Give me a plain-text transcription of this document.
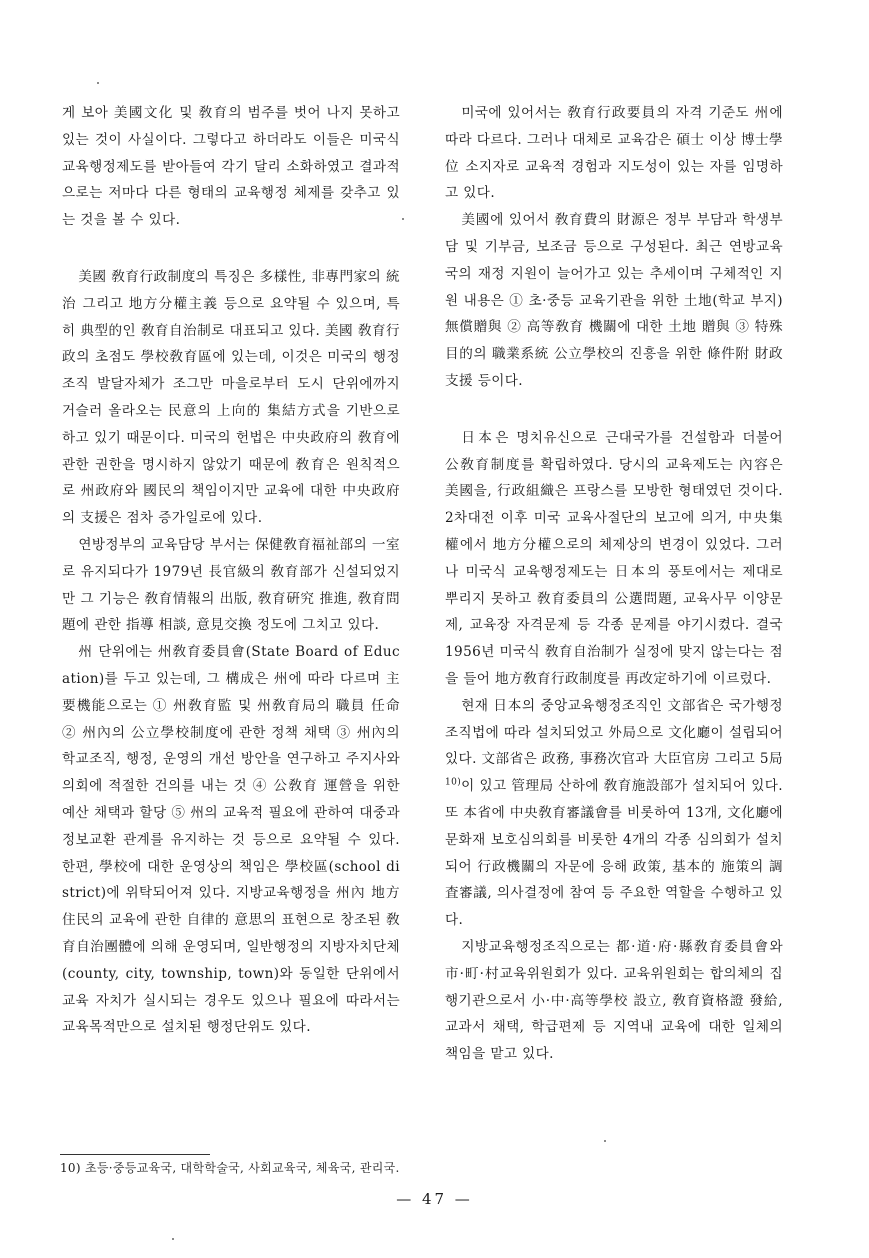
게 보아 美國文化 및 敎育의 범주를 벗어 나지 못하고 있는 것이 사실이다. 그렇다고 하더라도 이들은 미국식 교육행정제도를 받아들여 각기 달리 소화하였고 결과적으로는 저마다 다른 형태의 교육행정 체제를 갖추고 있는 것을 볼 수 있다.

美國 敎育行政制度의 특징은 多樣性, 非專門家의 統治 그리고 地方分權主義 등으로 요약될 수 있으며, 특히 典型的인 敎育自治制로 대표되고 있다. 美國 敎育行政의 초점도 學校敎育區에 있는데, 이것은 미국의 행정조직 발달자체가 조그만 마을로부터 도시 단위에까지 거슬러 올라오는 民意의 上向的 集結方式을 기반으로 하고 있기 때문이다. 미국의 헌법은 中央政府의 敎育에 관한 권한을 명시하지 않았기 때문에 敎育은 원칙적으로 州政府와 國民의 책임이지만 교육에 대한 中央政府의 支援은 점차 증가일로에 있다.

연방정부의 교육담당 부서는 保健敎育福祉部의 一室로 유지되다가 1979년 長官級의 敎育部가 신설되었지만 그 기능은 敎育情報의 出版, 敎育硏究 推進, 敎育問題에 관한 指導 相談, 意見交換 정도에 그치고 있다.

州 단위에는 州敎育委員會(State Board of Education)를 두고 있는데, 그 構成은 州에 따라 다르며 主要機能으로는 ① 州敎育監 및 州敎育局의 職員 任命 ② 州內의 公立學校制度에 관한 정책 채택 ③ 州內의 학교조직, 행정, 운영의 개선 방안을 연구하고 주지사와 의회에 적절한 건의를 내는 것 ④ 公敎育 運營을 위한 예산 채택과 할당 ⑤ 州의 교육적 필요에 관하여 대중과 정보교환 관계를 유지하는 것 등으로 요약될 수 있다. 한편, 學校에 대한 운영상의 책임은 學校區(school district)에 위탁되어져 있다. 지방교육행정을 州內 地方住民의 교육에 관한 自律的 意思의 표현으로 창조된 敎育自治團體에 의해 운영되며, 일반행정의 지방자치단체 (county, city, township, town)와 동일한 단위에서 교육 자치가 실시되는 경우도 있으나 필요에 따라서는 교육목적만으로 설치된 행정단위도 있다.

미국에 있어서는 敎育行政要員의 자격 기준도 州에 따라 다르다. 그러나 대체로 교육감은 碩士 이상 博士學位 소지자로 교육적 경험과 지도성이 있는 자를 임명하고 있다.

美國에 있어서 敎育費의 財源은 정부 부담과 학생부담 및 기부금, 보조금 등으로 구성된다. 최근 연방교육국의 재정 지원이 늘어가고 있는 추세이며 구체적인 지원 내용은 ① 초·중등 교육기관을 위한 土地(학교 부지) 無償贈與 ② 高等敎育 機關에 대한 土地 贈與 ③ 特殊目的의 職業系統 公立學校의 진흥을 위한 條件附 財政支援 등이다.

日本은 명치유신으로 근대국가를 건설함과 더불어 公敎育制度를 확립하였다. 당시의 교육제도는 內容은 美國을, 行政組織은 프랑스를 모방한 형태였던 것이다. 2차대전 이후 미국 교육사절단의 보고에 의거, 中央集權에서 地方分權으로의 체제상의 변경이 있었다. 그러나 미국식 교육행정제도는 日本의 풍토에서는 제대로 뿌리지 못하고 敎育委員의 公選問題, 교육사무 이양문제, 교육장 자격문제 등 각종 문제를 야기시켰다. 결국 1956년 미국식 敎育自治制가 실정에 맞지 않는다는 점을 들어 地方敎育行政制度를 再改定하기에 이르렀다.

현재 日本의 중앙교육행정조직인 文部省은 국가행정조직법에 따라 설치되었고 外局으로 文化廳이 설립되어 있다. 文部省은 政務, 事務次官과 大臣官房 그리고 5局$^{10)}$이 있고 管理局 산하에 敎育施設部가 설치되어 있다. 또 本省에 中央敎育審議會를 비롯하여 13개, 文化廳에 문화재 보호심의회를 비롯한 4개의 각종 심의회가 설치되어 行政機關의 자문에 응해 政策, 基本的 施策의 調査審議, 의사결정에 참여 등 주요한 역할을 수행하고 있다.

지방교육행정조직으로는 都·道·府·縣敎育委員會와 市·町·村교육위원회가 있다. 교육위원회는 합의체의 집행기관으로서 小·中·高等學校 設立, 敎育資格證 發給, 교과서 채택, 학급편제 등 지역내 교육에 대한 일체의 책임을 맡고 있다.

10) 초등·중등교육국, 대학학술국, 사회교육국, 체육국, 관리국.
— 47 —
